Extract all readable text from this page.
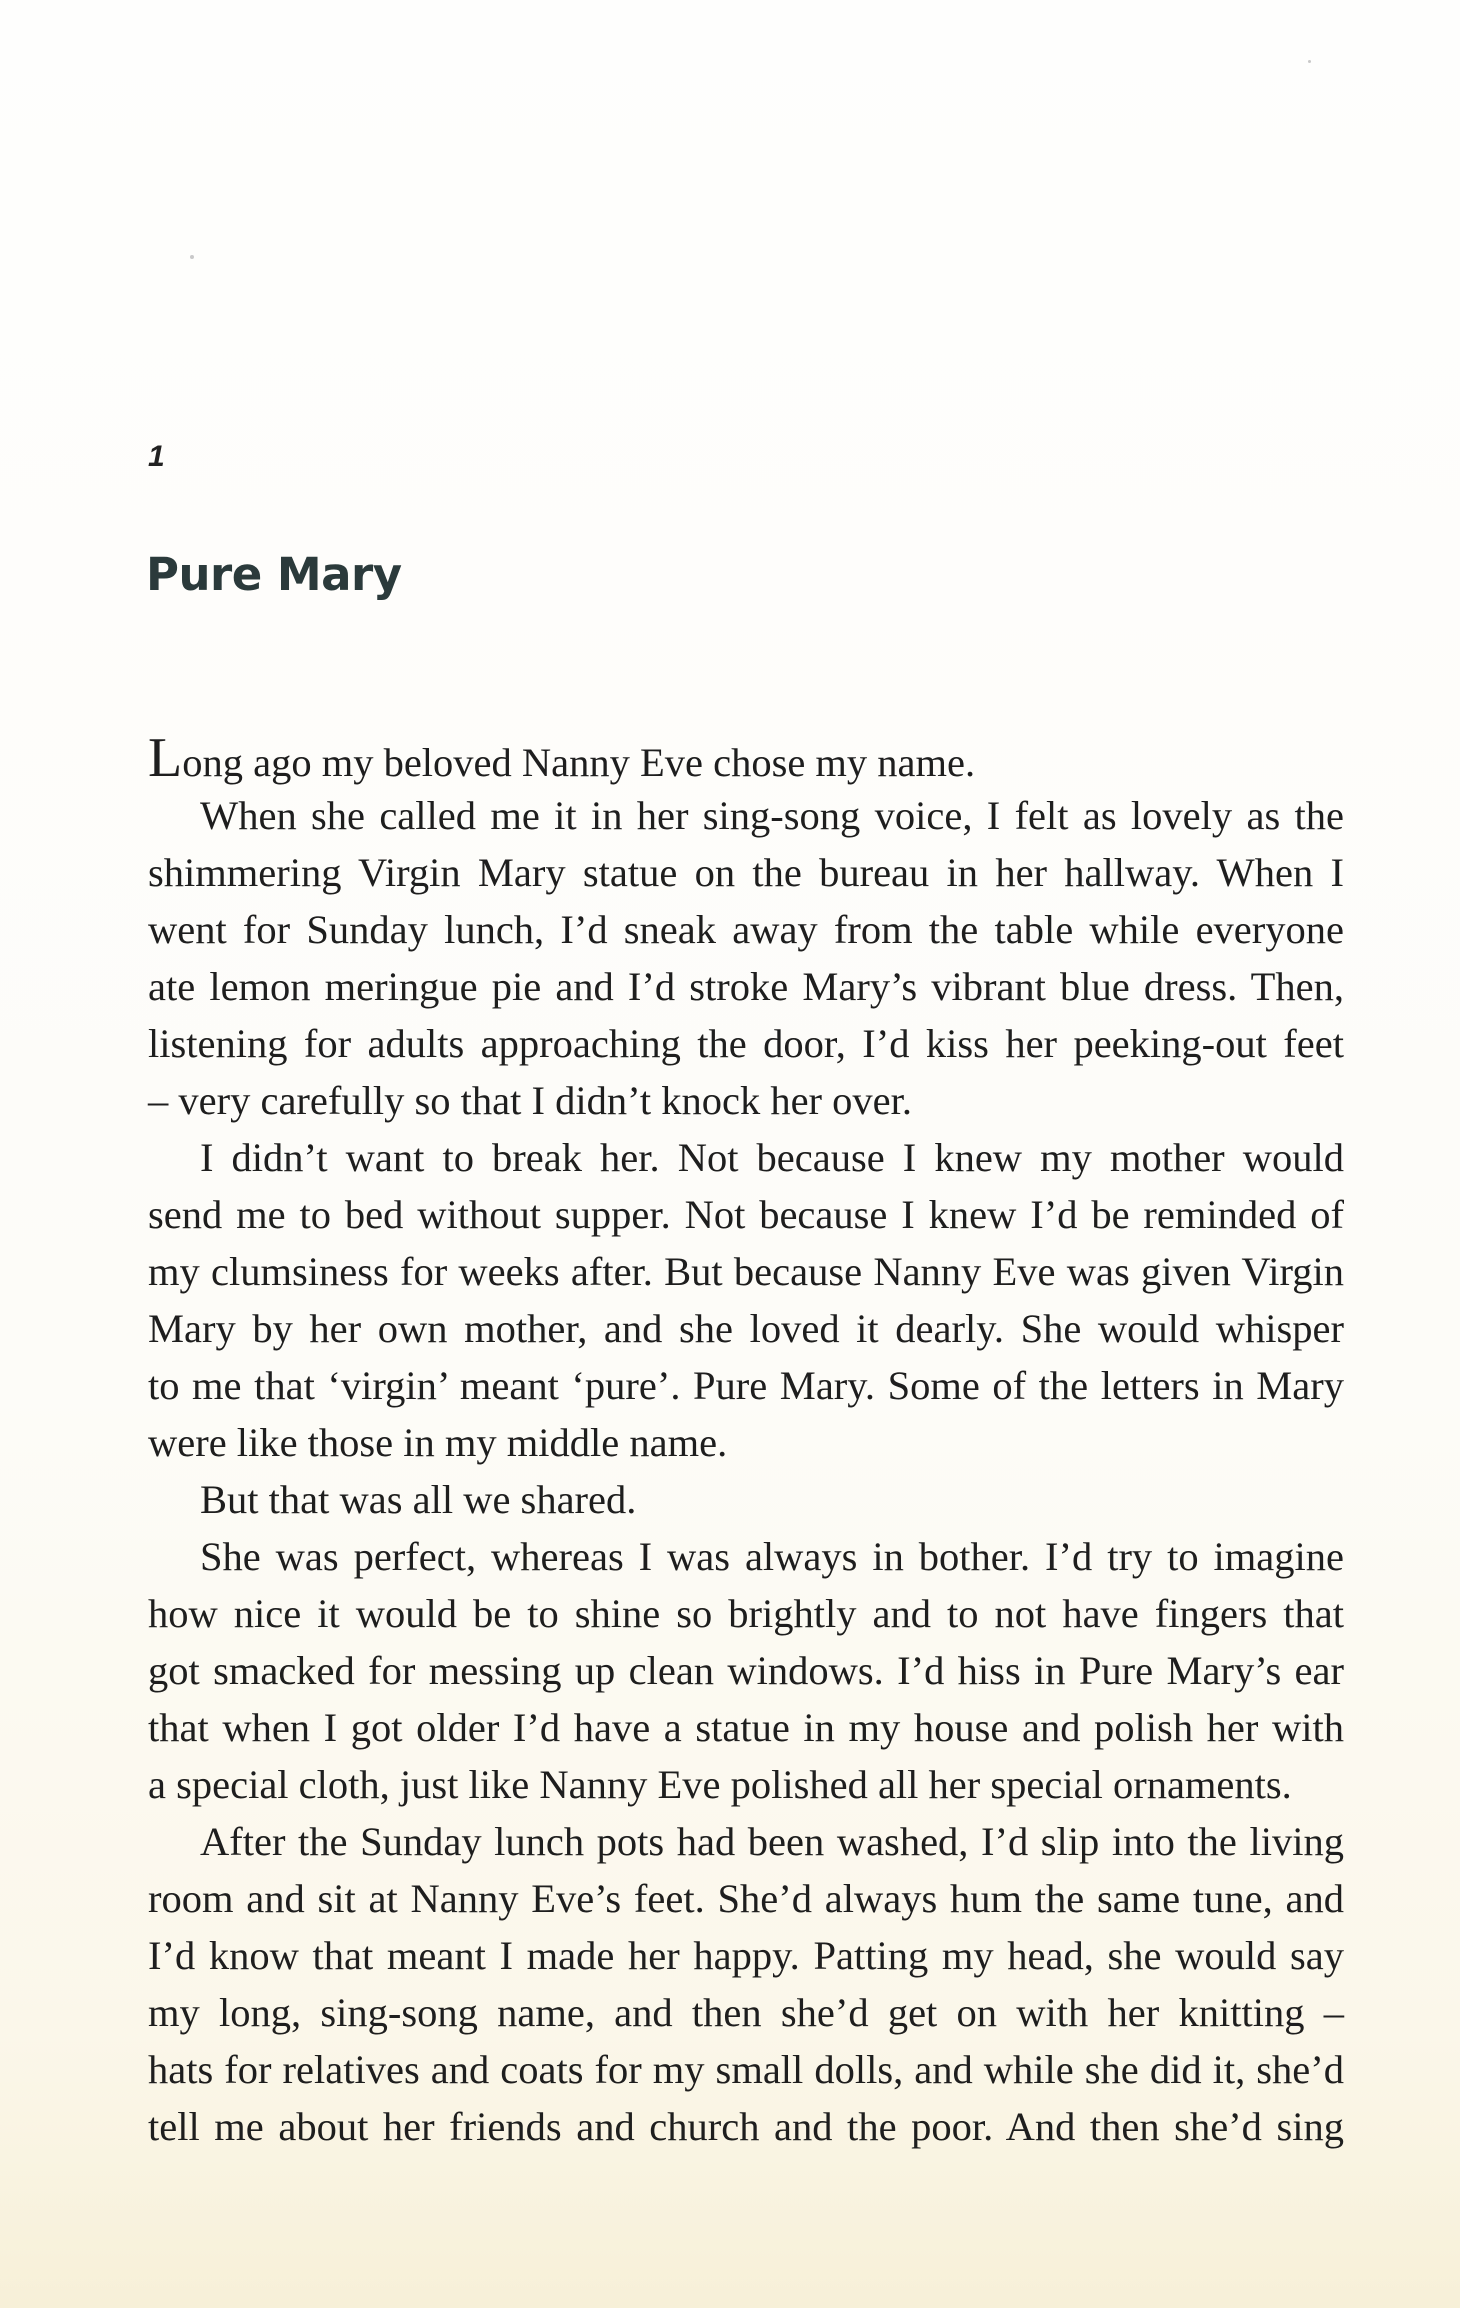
1

Pure Mary
Long ago my beloved Nanny Eve chose my name.
When she called me it in her sing-song voice, I felt as lovely as the
shimmering Virgin Mary statue on the bureau in her hallway. When I
went for Sunday lunch, I’d sneak away from the table while everyone
ate lemon meringue pie and I’d stroke Mary’s vibrant blue dress. Then,
listening for adults approaching the door, I’d kiss her peeking-out feet
– very carefully so that I didn’t knock her over.
I didn’t want to break her. Not because I knew my mother would
send me to bed without supper. Not because I knew I’d be reminded of
my clumsiness for weeks after. But because Nanny Eve was given Virgin
Mary by her own mother, and she loved it dearly. She would whisper
to me that ‘virgin’ meant ‘pure’. Pure Mary. Some of the letters in Mary
were like those in my middle name.
But that was all we shared.
She was perfect, whereas I was always in bother. I’d try to imagine
how nice it would be to shine so brightly and to not have fingers that
got smacked for messing up clean windows. I’d hiss in Pure Mary’s ear
that when I got older I’d have a statue in my house and polish her with
a special cloth, just like Nanny Eve polished all her special ornaments.
After the Sunday lunch pots had been washed, I’d slip into the living
room and sit at Nanny Eve’s feet. She’d always hum the same tune, and
I’d know that meant I made her happy. Patting my head, she would say
my long, sing-song name, and then she’d get on with her knitting –
hats for relatives and coats for my small dolls, and while she did it, she’d
tell me about her friends and church and the poor. And then she’d sing
